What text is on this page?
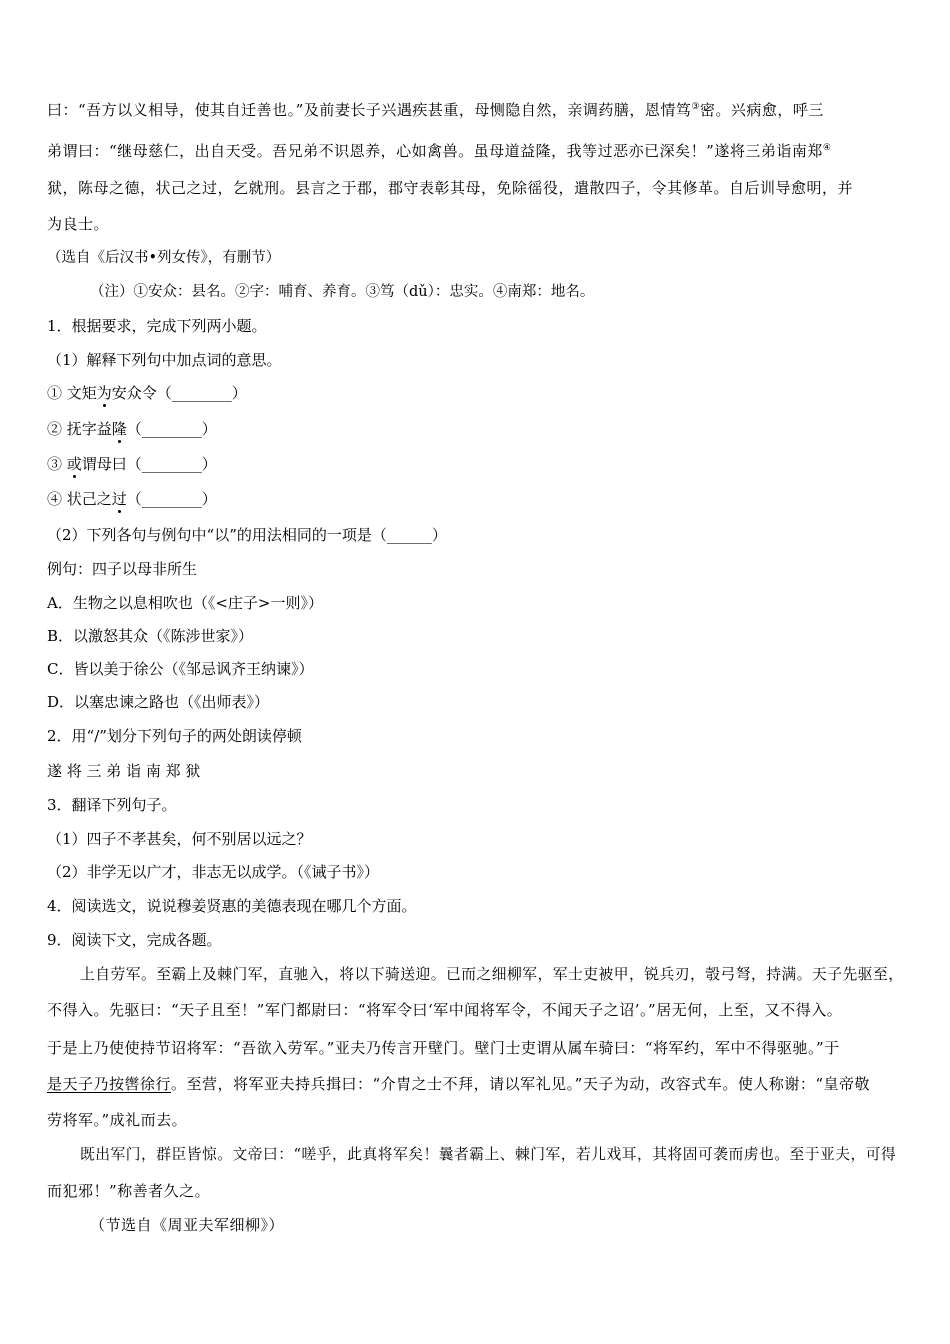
曰：“吾方以义相导，使其自迁善也。”及前妻长子兴遇疾甚重，母恻隐自然，亲调药膳，恩情笃③密。兴病愈，呼三
弟谓曰：“继母慈仁，出自天受。吾兄弟不识恩养，心如禽兽。虽母道益隆，我等过恶亦已深矣！”遂将三弟诣南郑④
狱，陈母之德，状己之过，乞就刑。县言之于郡，郡守表彰其母，免除徭役，遣散四子，令其修革。自后训导愈明，并
为良士。
（选自《后汉书•列女传》，有删节）
（注）①安众：县名。②字：哺育、养育。③笃（dǔ）：忠实。④南郑：地名。
1．根据要求，完成下列两小题。
（1）解释下列句中加点词的意思。
① 文矩为安众令（________）
② 抚字益隆（________）
③ 或谓母曰（________）
④ 状己之过（________）
（2）下列各句与例句中“以”的用法相同的一项是（______）
例句：四子以母非所生
A．生物之以息相吹也（《<庄子>一则》）
B．以激怒其众（《陈涉世家》）
C．皆以美于徐公（《邹忌讽齐王纳谏》）
D．以塞忠谏之路也（《出师表》）
2．用“/”划分下列句子的两处朗读停顿
遂 将 三 弟 诣 南 郑 狱
3．翻译下列句子。
（1）四子不孝甚矣，何不别居以远之？
（2）非学无以广才，非志无以成学。（《诫子书》）
4．阅读选文，说说穆姜贤惠的美德表现在哪几个方面。
9．阅读下文，完成各题。
上自劳军。至霸上及棘门军，直驰入，将以下骑送迎。已而之细柳军，军士吏被甲，锐兵刃，彀弓弩，持满。天子先驱至，
不得入。先驱曰：“天子且至！”军门都尉曰：“将军令曰‘军中闻将军令，不闻天子之诏’。”居无何，上至，又不得入。
于是上乃使使持节诏将军：“吾欲入劳军。”亚夫乃传言开壁门。壁门士吏谓从属车骑曰：“将军约，军中不得驱驰。”于
是天子乃按辔徐行。至营，将军亚夫持兵揖曰：“介胄之士不拜，请以军礼见。”天子为动，改容式车。使人称谢：“皇帝敬
劳将军。”成礼而去。
既出军门，群臣皆惊。文帝曰：“嗟乎，此真将军矣！曩者霸上、棘门军，若儿戏耳，其将固可袭而虏也。至于亚夫，可得
而犯邪！”称善者久之。
（节选自《周亚夫军细柳》）
